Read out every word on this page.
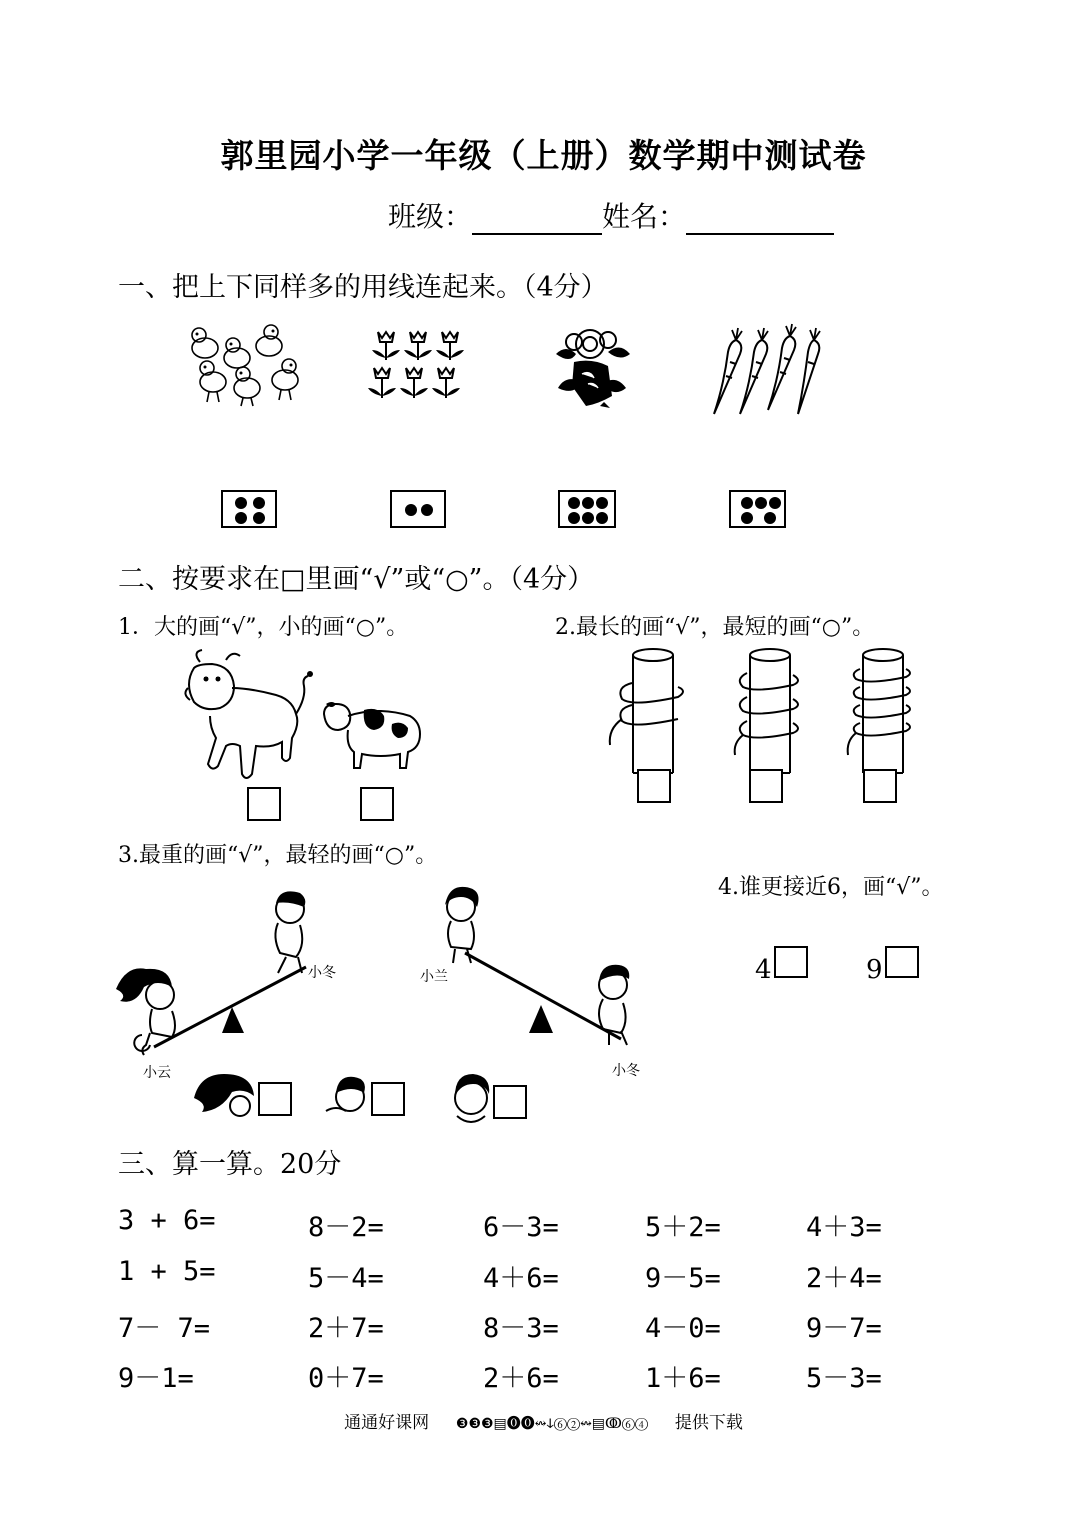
郭里园小学一年级（上册）数学期中测试卷
班级：	姓名：
一、把上下同样多的用线连起来。（4分）
二、按要求在□里画“√”或“○”。（4分）
1．大的画“√”，小的画“○”。	2.最长的画“√”，最短的画“○”。
3.最重的画“√”，最轻的画“○”。
小冬
小云
小兰
小冬
4.谁更接近6，画“√”。
4	9
三、算一算。20分
3 + 6=	8－2=	6－3=	5＋2=	4＋3=
1 + 5=	5－4=	4＋6=	9－5=	2＋4=
7－ 7=	2＋7=	8－3=	4－0=	9－7=
9－1=	0＋7=	2＋6=	1＋6=	5－3=
通通好课网 ❸❸❸▤⓿⓿↭ↆ⑥②↭▤ↂ⑥④ 提供下载
